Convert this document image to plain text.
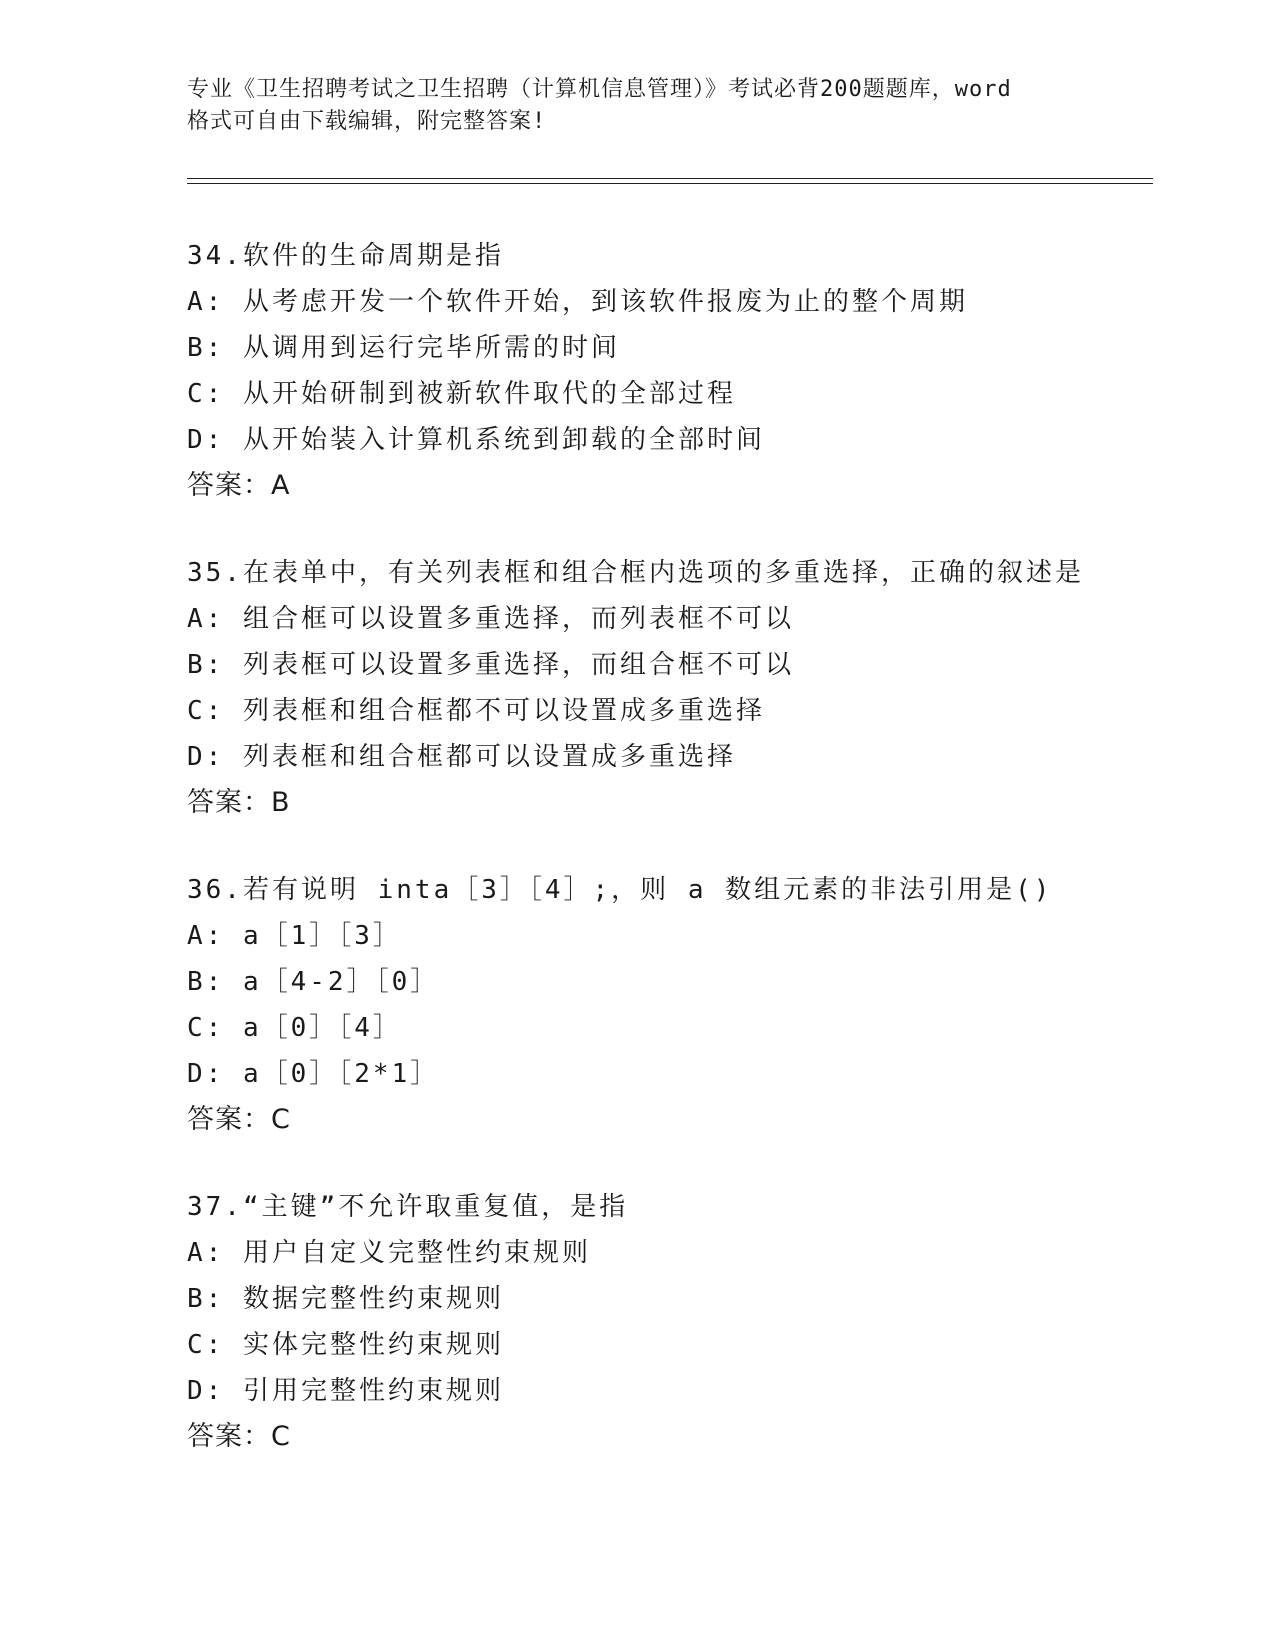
专业《卫生招聘考试之卫生招聘（计算机信息管理）》考试必背200题题库，word
格式可自由下载编辑，附完整答案!
34.软件的生命周期是指
A: 从考虑开发一个软件开始，到该软件报废为止的整个周期
B: 从调用到运行完毕所需的时间
C: 从开始研制到被新软件取代的全部过程
D: 从开始装入计算机系统到卸载的全部时间
答案：A
35.在表单中，有关列表框和组合框内选项的多重选择，正确的叙述是
A: 组合框可以设置多重选择，而列表框不可以
B: 列表框可以设置多重选择，而组合框不可以
C: 列表框和组合框都不可以设置成多重选择
D: 列表框和组合框都可以设置成多重选择
答案：B
36.若有说明 inta［3］［4］;，则 a 数组元素的非法引用是()
A: a［1］［3］
B: a［4-2］［0］
C: a［0］［4］
D: a［0］［2*1］
答案：C
37.“主键”不允许取重复值，是指
A: 用户自定义完整性约束规则
B: 数据完整性约束规则
C: 实体完整性约束规则
D: 引用完整性约束规则
答案：C
